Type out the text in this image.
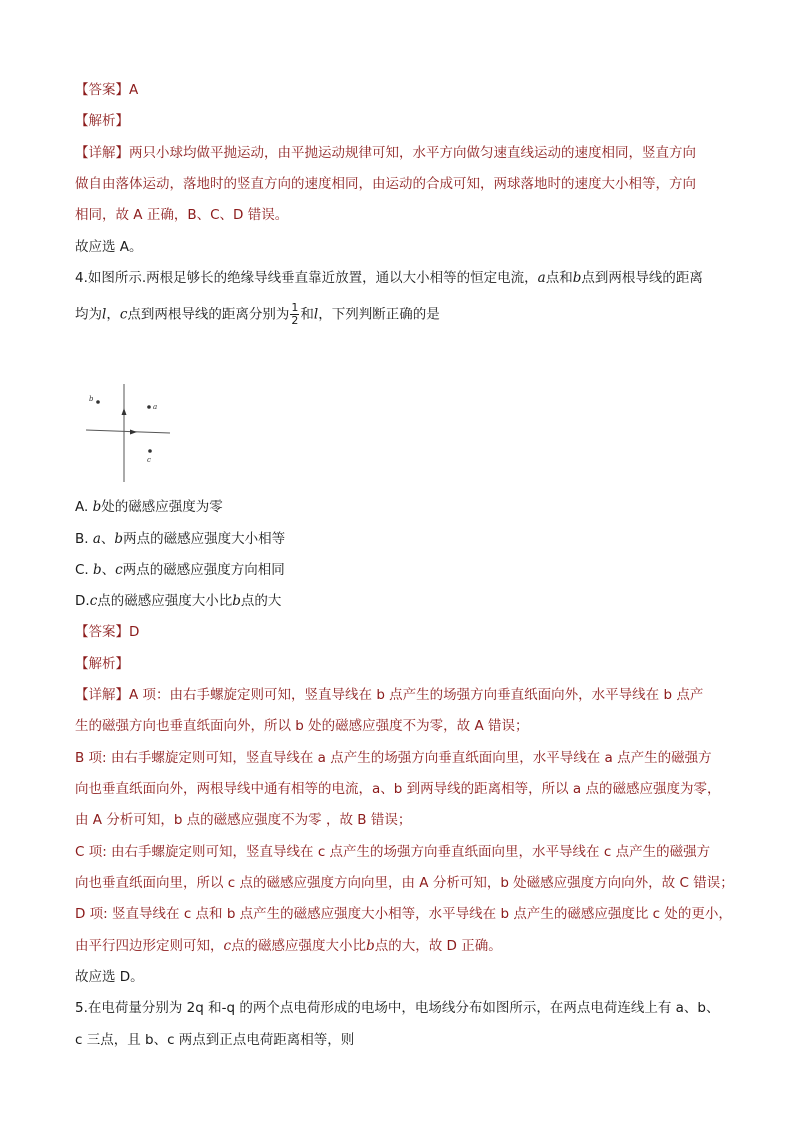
【答案】A
【解析】
【详解】两只小球均做平抛运动，由平抛运动规律可知，水平方向做匀速直线运动的速度相同，竖直方向
做自由落体运动，落地时的竖直方向的速度相同，由运动的合成可知，两球落地时的速度大小相等，方向
相同，故 A 正确，B、C、D 错误。
故应选 A。
4.如图所示.两根足够长的绝缘导线垂直靠近放置，通以大小相等的恒定电流，a点和b点到两根导线的距离
均为l，c点到两根导线的距离分别为 $\frac{1}{2}$ 和l，下列判断正确的是
b
a
c
A. b处的磁感应强度为零
B. a、b两点的磁感应强度大小相等
C. b、c两点的磁感应强度方向相同
D.c点的磁感应强度大小比b点的大
【答案】D
【解析】
【详解】A 项：由右手螺旋定则可知，竖直导线在 b 点产生的场强方向垂直纸面向外，水平导线在 b 点产
生的磁强方向也垂直纸面向外，所以 b 处的磁感应强度不为零，故 A 错误；
B 项: 由右手螺旋定则可知，竖直导线在 a 点产生的场强方向垂直纸面向里，水平导线在 a 点产生的磁强方
向也垂直纸面向外，两根导线中通有相等的电流，a、b 到两导线的距离相等，所以 a 点的磁感应强度为零，
由 A 分析可知，b 点的磁感应强度不为零 ，故 B 错误；
C 项: 由右手螺旋定则可知，竖直导线在 c 点产生的场强方向垂直纸面向里，水平导线在 c 点产生的磁强方
向也垂直纸面向里，所以 c 点的磁感应强度方向向里，由 A 分析可知，b 处磁感应强度方向向外，故 C 错误；
D 项: 竖直导线在 c 点和 b 点产生的磁感应强度大小相等，水平导线在 b 点产生的磁感应强度比 c 处的更小，
由平行四边形定则可知，c点的磁感应强度大小比b点的大，故 D 正确。
故应选 D。
5.在电荷量分别为 2q 和-q 的两个点电荷形成的电场中，电场线分布如图所示，在两点电荷连线上有 a、b、
c 三点，且 b、c 两点到正点电荷距离相等，则
